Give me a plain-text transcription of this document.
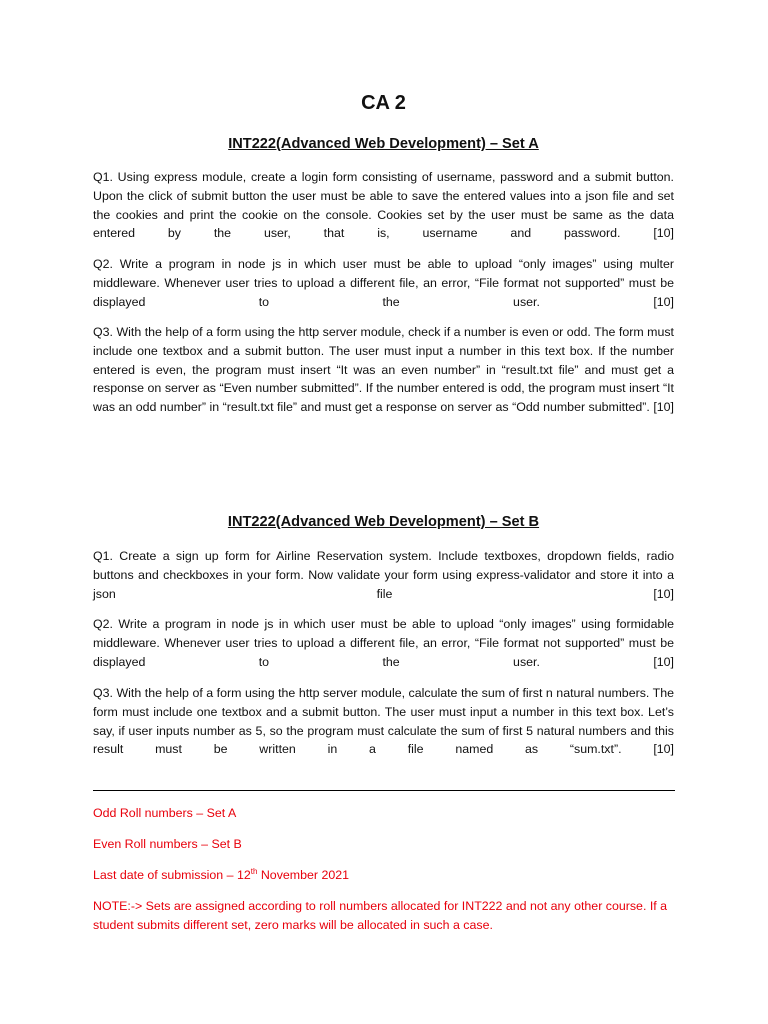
CA 2
INT222(Advanced Web Development) – Set A
Q1. Using express module, create a login form consisting of username, password and a submit button. Upon the click of submit button the user must be able to save the entered values into a json file and set the cookies and print the cookie on the console. Cookies set by the user must be same as the data entered by the user, that is, username and password.	[10]
Q2. Write a program in node js in which user must be able to upload “only images” using multer middleware. Whenever user tries to upload a different file, an error, “File format not supported” must be displayed to the user.	[10]
Q3. With the help of a form using the http server module, check if a number is even or odd. The form must include one textbox and a submit button. The user must input a number in this text box. If the number entered is even, the program must insert “It was an even number” in “result.txt file” and must get a response on server as “Even number submitted”. If the number entered is odd, the program must insert “It was an odd number” in “result.txt file” and must get a response on server as “Odd number submitted”. [10]
INT222(Advanced Web Development) – Set B
Q1. Create a sign up form for Airline Reservation system. Include textboxes, dropdown fields, radio buttons and checkboxes in your form. Now validate your form using express-validator and store it into a json file	[10]
Q2. Write a program in node js in which user must be able to upload “only images” using formidable middleware. Whenever user tries to upload a different file, an error, “File format not supported” must be displayed to the user.	[10]
Q3. With the help of a form using the http server module, calculate the sum of first n natural numbers. The form must include one textbox and a submit button. The user must input a number in this text box. Let’s say, if user inputs number as 5, so the program must calculate the sum of first 5 natural numbers and this result must be written in a file named as “sum.txt”.	[10]
Odd Roll numbers – Set A
Even Roll numbers – Set B
Last date of submission – 12th November 2021
NOTE:-> Sets are assigned according to roll numbers allocated for INT222 and not any other course. If a student submits different set, zero marks will be allocated in such a case.
